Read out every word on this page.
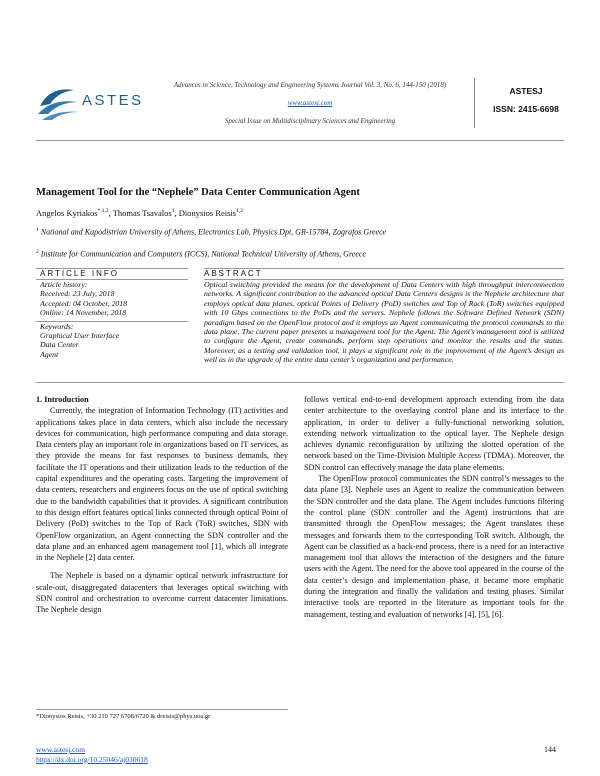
ASTES
Advances in Science, Technology and Engineering Systems Journal Vol. 3, No. 6, 144-150 (2018)
www.astesj.com
Special Issue on Multidisciplinary Sciences and Engineering
ASTESJ
ISSN: 2415-6698
Management Tool for the “Nephele” Data Center Communication Agent
Angelos Kyriakos$^{*,1,2}$, Thomas Tsavalos$^1$, Dionysios Reisis$^{1,2}$
$^1$ National and Kapodistrian University of Athens, Electronics Lab, Physics Dpt, GR-15784, Zografos Greece
$^2$ Institute for Communication and Computers (ICCS), National Technical University of Athens, Greece
ARTICLE INFO
Article history:
Received: 23 July, 2018
Accepted: 04 October, 2018
Online: 14 November, 2018
Keywords:
Graphical User Interface
Data Center
Agent
ABSTRACT
Optical switching provided the means for the development of Data Centers with high throughput interconnection networks. A significant contribution to the advanced optical Data Centers designs is the Nephele architecture that employs optical data planes, optical Points of Delivery (PoD) switches and Top of Rack (ToR) switches equipped with 10 Gbps connections to the PoDs and the servers. Nephele follows the Software Defined Network (SDN) paradigm based on the OpenFlow protocol and it employs an Agent communicating the protocol commands to the data plane. The current paper presents a management tool for the Agent. The Agent’s management tool is utilized to configure the Agent, create commands, perform step operations and monitor the results and the status. Moreover, as a testing and validation tool, it plays a significant role in the improvement of the Agent’s design as well as in the upgrade of the entire data center’s organization and performance.

1. Introduction

Currently, the integration of Information Technology (IT) activities and applications takes place in data centers, which also include the necessary devices for communication, high performance computing and data storage. Data centers play an important role in organizations based on IT services, as they provide the means for fast responses to business demands, they facilitate the IT operations and their utilization leads to the reduction of the capital expenditures and the operating costs. Targeting the improvement of data centers, researchers and engineers focus on the use of optical switching due to the bandwidth capabilities that it provides. A significant contribution to this design effort features optical links connected through optical Point of Delivery (PoD) switches to the Top of Rack (ToR) switches, SDN with OpenFlow organization, an Agent connecting the SDN controller and the data plane and an enhanced agent management tool [1], which all integrate in the Nephele [2] data center.

The Nephele is based on a dynamic optical network infrastructure for scale-out, disaggregated datacenters that leverages optical switching with SDN control and orchestration to overcome current datacenter limitations. The Nephele design

follows vertical end-to-end development approach extending from the data center architecture to the overlaying control plane and its interface to the application, in order to deliver a fully-functional networking solution, extending network virtualization to the optical layer. The Nephele design achieves dynamic reconfiguration by utilizing the slotted operation of the network based on the Time-Division Multiple Access (TDMA). Moreover, the SDN control can effectively manage the data plane elements.

The OpenFlow protocol communicates the SDN control’s messages to the data plane [3]. Nephele uses an Agent to realize the communication between the SDN controller and the data plane. The Agent includes functions filtering the control plane (SDN controller and the Agent) instructions that are transmitted through the OpenFlow messages; the Agent translates these messages and forwards them to the corresponding ToR switch. Although, the Agent can be classified as a back-end process, there is a need for an interactive management tool that allows the interaction of the designers and the future users with the Agent. The need for the above tool appeared in the course of the data center’s design and implementation phase, it became more emphatic during the integration and finally the validation and testing phases. Similar interactive tools are reported in the literature as important tools for the management, testing and evaluation of networks [4], [5], [6].

*Dionysios Reisis, +30 210 727 6708/6720 & dreisis@phys.uoa.gr
www.astesj.com
https://dx.doi.org/10.25046/aj030618
144
